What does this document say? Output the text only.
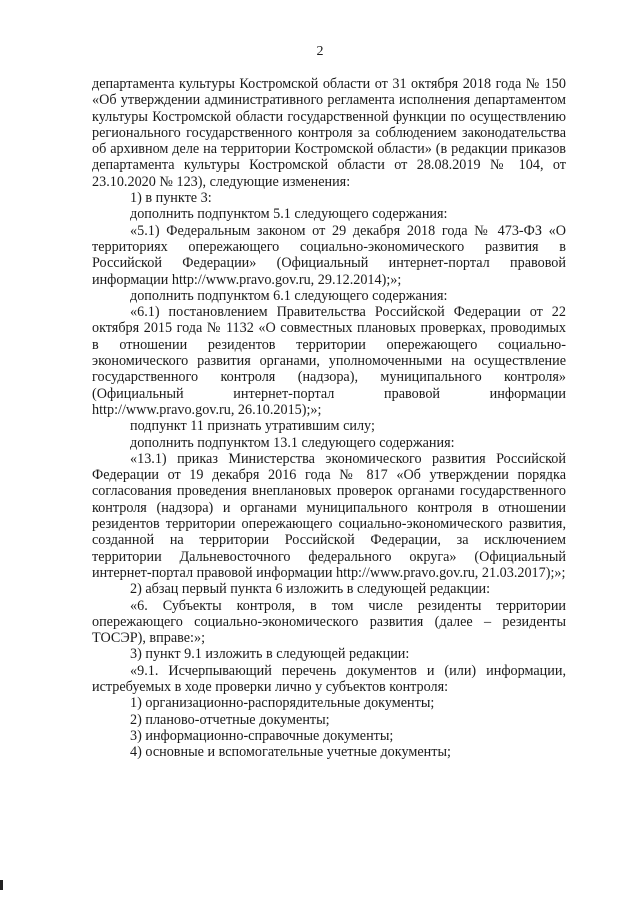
2

департамента культуры Костромской области от 31 октября 2018 года № 150 «Об утверждении административного регламента исполнения департаментом культуры Костромской области государственной функции по осуществлению регионального государственного контроля за соблюдением законодательства об архивном деле на территории Костромской области» (в редакции приказов департамента культуры Костромской области от 28.08.2019 № 104, от 23.10.2020 № 123), следующие изменения:

1) в пункте 3:

дополнить подпунктом 5.1 следующего содержания:

«5.1) Федеральным законом от 29 декабря 2018 года № 473-ФЗ «О территориях опережающего социально-экономического развития в Российской Федерации» (Официальный интернет-портал правовой информации http://www.pravo.gov.ru, 29.12.2014);»;

дополнить подпунктом 6.1 следующего содержания:

«6.1) постановлением Правительства Российской Федерации от 22 октября 2015 года № 1132 «О совместных плановых проверках, проводимых в отношении резидентов территории опережающего социально-экономического развития органами, уполномоченными на осуществление государственного контроля (надзора), муниципального контроля» (Официальный интернет-портал правовой информации http://www.pravo.gov.ru, 26.10.2015);»;

подпункт 11 признать утратившим силу;

дополнить подпунктом 13.1 следующего содержания:

«13.1) приказ Министерства экономического развития Российской Федерации от 19 декабря 2016 года № 817 «Об утверждении порядка согласования проведения внеплановых проверок органами государственного контроля (надзора) и органами муниципального контроля в отношении резидентов территории опережающего социально-экономического развития, созданной на территории Российской Федерации, за исключением территории Дальневосточного федерального округа» (Официальный интернет-портал правовой информации http://www.pravo.gov.ru, 21.03.2017);»;

2) абзац первый пункта 6 изложить в следующей редакции:

«6. Субъекты контроля, в том числе резиденты территории опережающего социально-экономического развития (далее – резиденты ТОСЭР), вправе:»;

3) пункт 9.1 изложить в следующей редакции:

«9.1. Исчерпывающий перечень документов и (или) информации, истребуемых в ходе проверки лично у субъектов контроля:

1) организационно-распорядительные документы;

2) планово-отчетные документы;

3) информационно-справочные документы;

4) основные и вспомогательные учетные документы;
